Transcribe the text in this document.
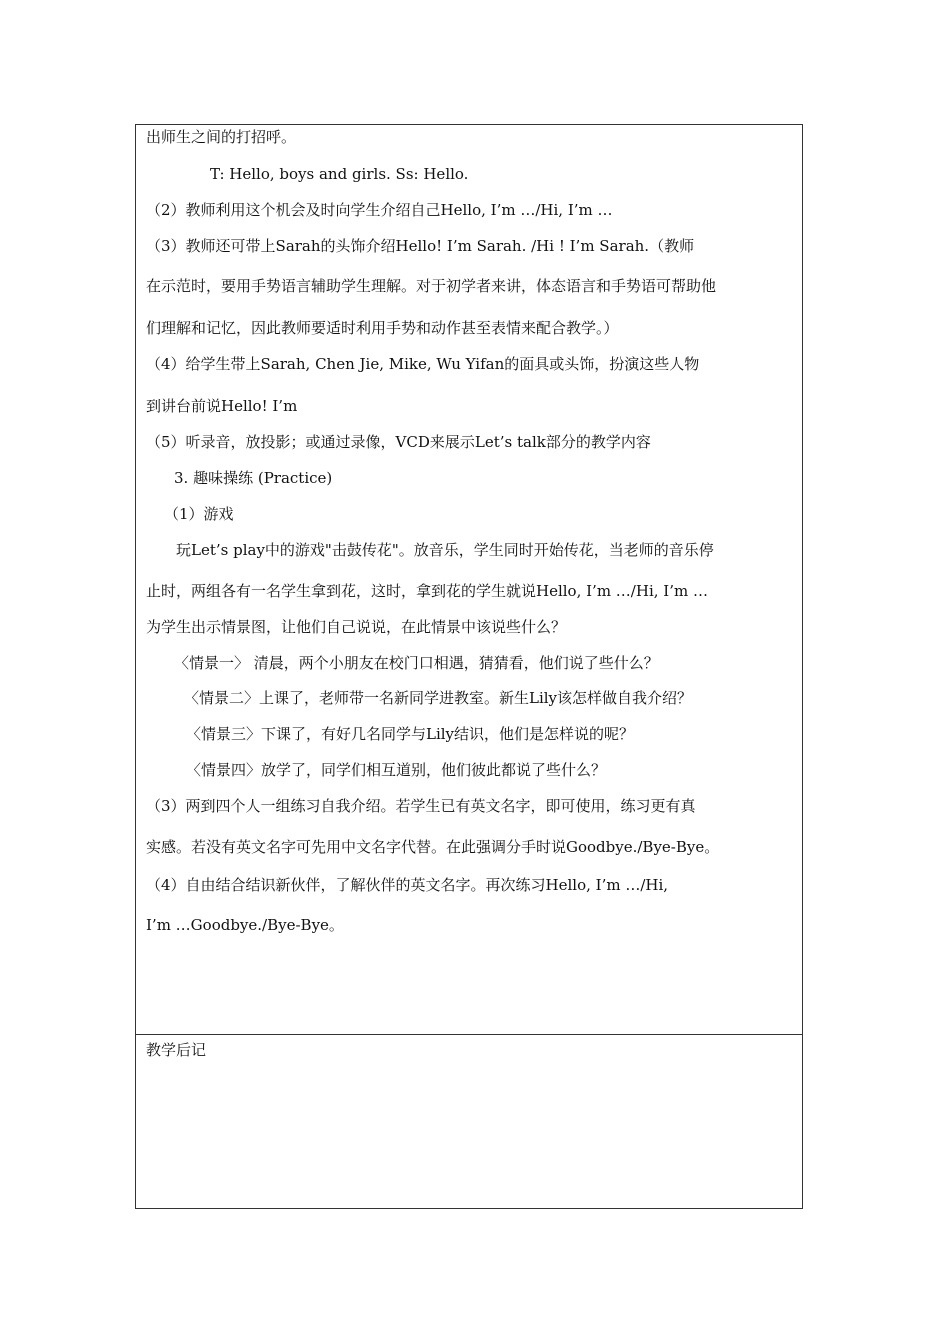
出师生之间的打招呼。
T: Hello, boys and girls. Ss: Hello.
（2）教师利用这个机会及时向学生介绍自己Hello, I’m …/Hi, I’m …
（3）教师还可带上Sarah的头饰介绍Hello! I’m Sarah. /Hi ! I’m Sarah.（教师
在示范时，要用手势语言辅助学生理解。对于初学者来讲，体态语言和手势语可帮助他
们理解和记忆，因此教师要适时利用手势和动作甚至表情来配合教学。）
（4）给学生带上Sarah, Chen Jie, Mike, Wu Yifan的面具或头饰，扮演这些人物
到讲台前说Hello! I’m
（5）听录音，放投影；或通过录像，VCD来展示Let’s talk部分的教学内容
3. 趣味操练 (Practice)
（1）游戏
玩Let’s play中的游戏"击鼓传花"。放音乐，学生同时开始传花，当老师的音乐停
止时，两组各有一名学生拿到花，这时，拿到花的学生就说Hello, I’m …/Hi, I’m …
为学生出示情景图，让他们自己说说，在此情景中该说些什么？
〈情景一〉 清晨，两个小朋友在校门口相遇，猜猜看，他们说了些什么？
〈情景二〉上课了，老师带一名新同学进教室。新生Lily该怎样做自我介绍？
〈情景三〉下课了，有好几名同学与Lily结识，他们是怎样说的呢？
〈情景四〉放学了，同学们相互道别，他们彼此都说了些什么？
（3）两到四个人一组练习自我介绍。若学生已有英文名字，即可使用，练习更有真
实感。若没有英文名字可先用中文名字代替。在此强调分手时说Goodbye./Bye-Bye。
（4）自由结合结识新伙伴，了解伙伴的英文名字。再次练习Hello, I’m …/Hi,
I’m …Goodbye./Bye-Bye。
教学后记
